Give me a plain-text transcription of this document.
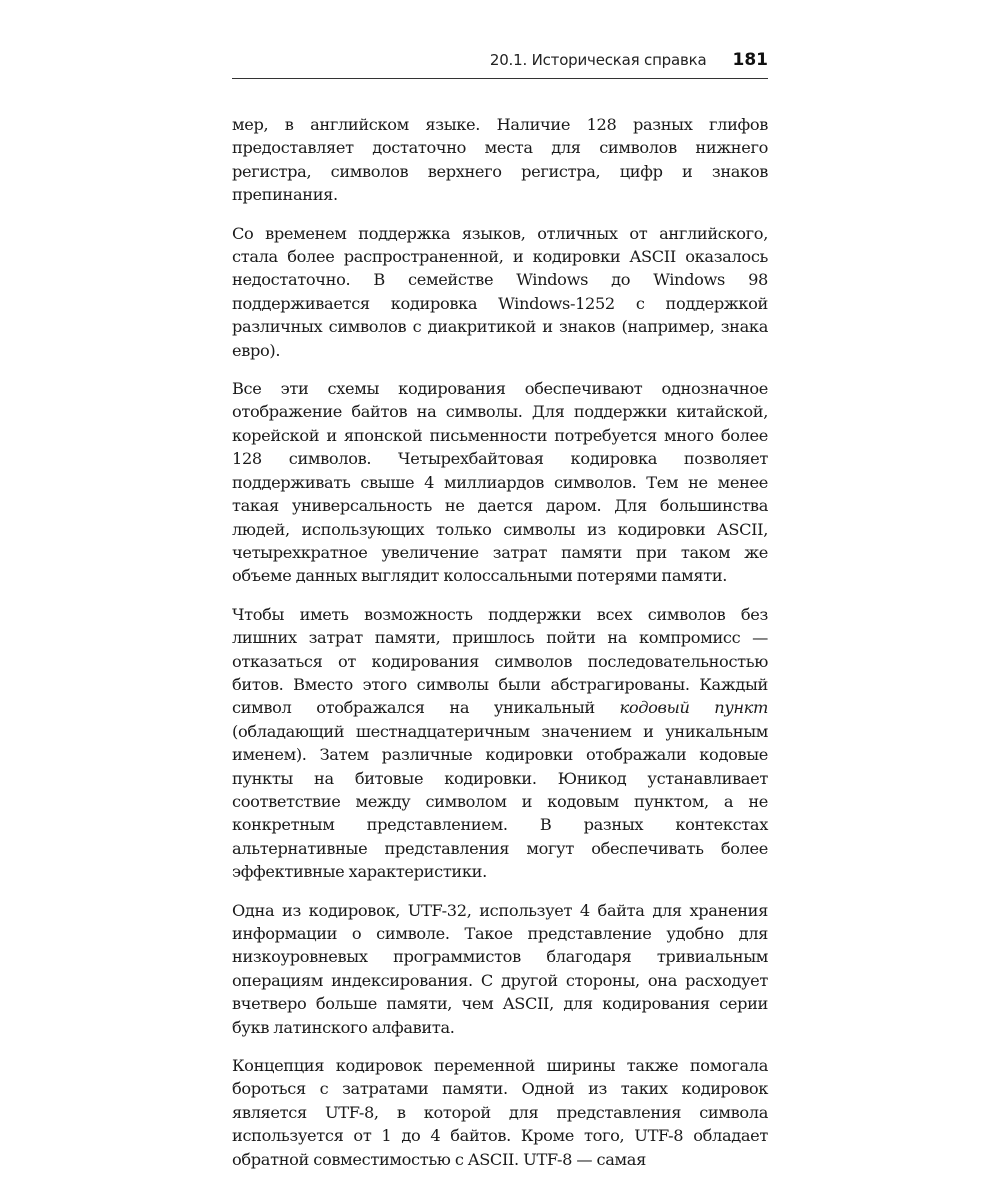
20.1. Историческая справка 181

мер, в английском языке. Наличие 128 разных глифов предоставляет достаточно места для символов нижнего регистра, символов верхнего регистра, цифр и знаков препинания.

Со временем поддержка языков, отличных от английского, стала более распространенной, и кодировки ASCII оказалось недостаточно. В семействе Windows до Windows 98 поддерживается кодировка Windows-1252 с поддержкой различных символов с диакритикой и знаков (например, знака евро).

Все эти схемы кодирования обеспечивают однозначное отображение байтов на символы. Для поддержки китайской, корейской и японской письменности потребуется много более 128 символов. Четырехбайтовая кодировка позволяет поддерживать свыше 4 миллиардов символов. Тем не менее такая универсальность не дается даром. Для большинства людей, использующих только символы из кодировки ASCII, четырехкратное увеличение затрат памяти при таком же объеме данных выглядит колоссальными потерями памяти.

Чтобы иметь возможность поддержки всех символов без лишних затрат памяти, пришлось пойти на компромисс — отказаться от кодирования символов последовательностью битов. Вместо этого символы были абстрагированы. Каждый символ отображался на уникальный кодовый пункт (обладающий шестнадцатеричным значением и уникальным именем). Затем различные кодировки отображали кодовые пункты на битовые кодировки. Юникод устанавливает соответствие между символом и кодовым пунктом, а не конкретным представлением. В разных контекстах альтернативные представления могут обеспечивать более эффективные характеристики.

Одна из кодировок, UTF-32, использует 4 байта для хранения информации о символе. Такое представление удобно для низкоуровневых программистов благодаря тривиальным операциям индексирования. С другой стороны, она расходует вчетверо больше памяти, чем ASCII, для кодирования серии букв латинского алфавита.

Концепция кодировок переменной ширины также помогала бороться с затратами памяти. Одной из таких кодировок является UTF-8, в которой для представления символа используется от 1 до 4 байтов. Кроме того, UTF-8 обладает обратной совместимостью с ASCII. UTF-8 — самая
